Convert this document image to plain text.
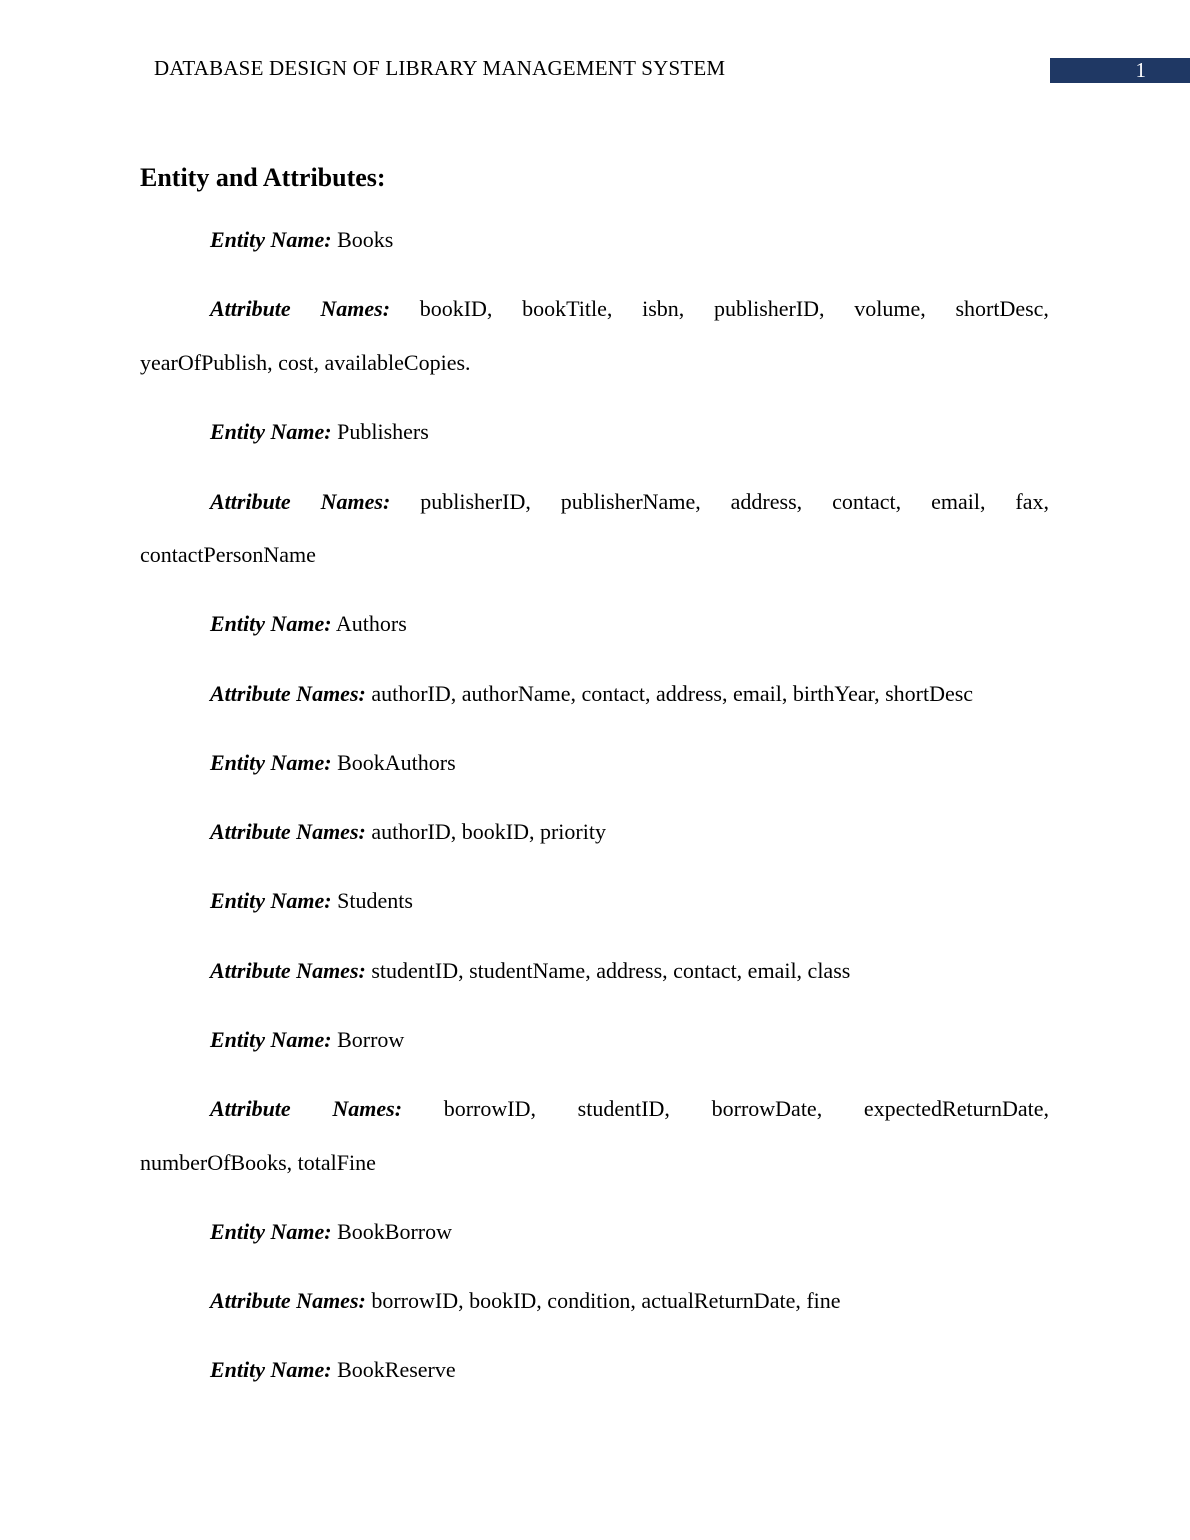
DATABASE DESIGN OF LIBRARY MANAGEMENT SYSTEM	1
Entity and Attributes:
Entity Name: Books
Attribute Names: bookID, bookTitle, isbn, publisherID, volume, shortDesc,
yearOfPublish, cost, availableCopies.
Entity Name: Publishers
Attribute Names: publisherID, publisherName, address, contact, email, fax,
contactPersonName
Entity Name: Authors
Attribute Names: authorID, authorName, contact, address, email, birthYear, shortDesc
Entity Name: BookAuthors
Attribute Names: authorID, bookID, priority
Entity Name: Students
Attribute Names: studentID, studentName, address, contact, email, class
Entity Name: Borrow
Attribute Names: borrowID, studentID, borrowDate, expectedReturnDate,
numberOfBooks, totalFine
Entity Name: BookBorrow
Attribute Names: borrowID, bookID, condition, actualReturnDate, fine
Entity Name: BookReserve
